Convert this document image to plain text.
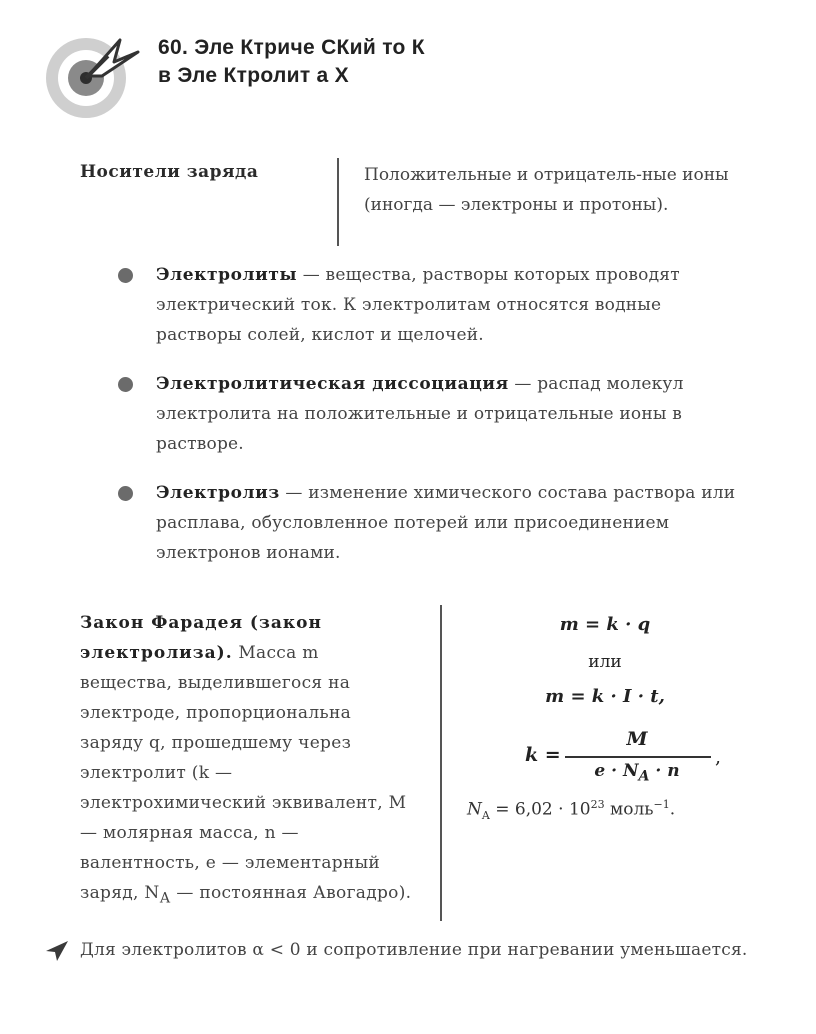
60. Эле Ктриче СКий то К
в Эле Ктролит а Х
Носители заряда	Положительные и отрицатель-ные ионы (иногда — электроны и протоны).
Электролиты — вещества, растворы которых проводят электрический ток. К электролитам относятся водные растворы солей, кислот и щелочей.
Электролитическая диссоциация — распад молекул электролита на положительные и отрицательные ионы в растворе.
Электролиз — изменение химического состава раствора или расплава, обусловленное потерей или присоединением электронов ионами.
Закон Фарадея (закон электролиза). Масса m вещества, выделившегося на электроде, пропорциональна заряду q, прошедшему через электролит (k — электрохимический эквивалент, M — молярная масса, n — валентность, e — элементарный заряд, $N_А$ — постоянная Авогадро).
m = k · q
или
m = k · I · t,
k =
M
$e \cdot N_A \cdot n$
,
$N_A = 6,02 \cdot 10^{23}$ моль$^{-1}$.
Для электролитов α < 0 и сопротивление при нагревании уменьшается.
